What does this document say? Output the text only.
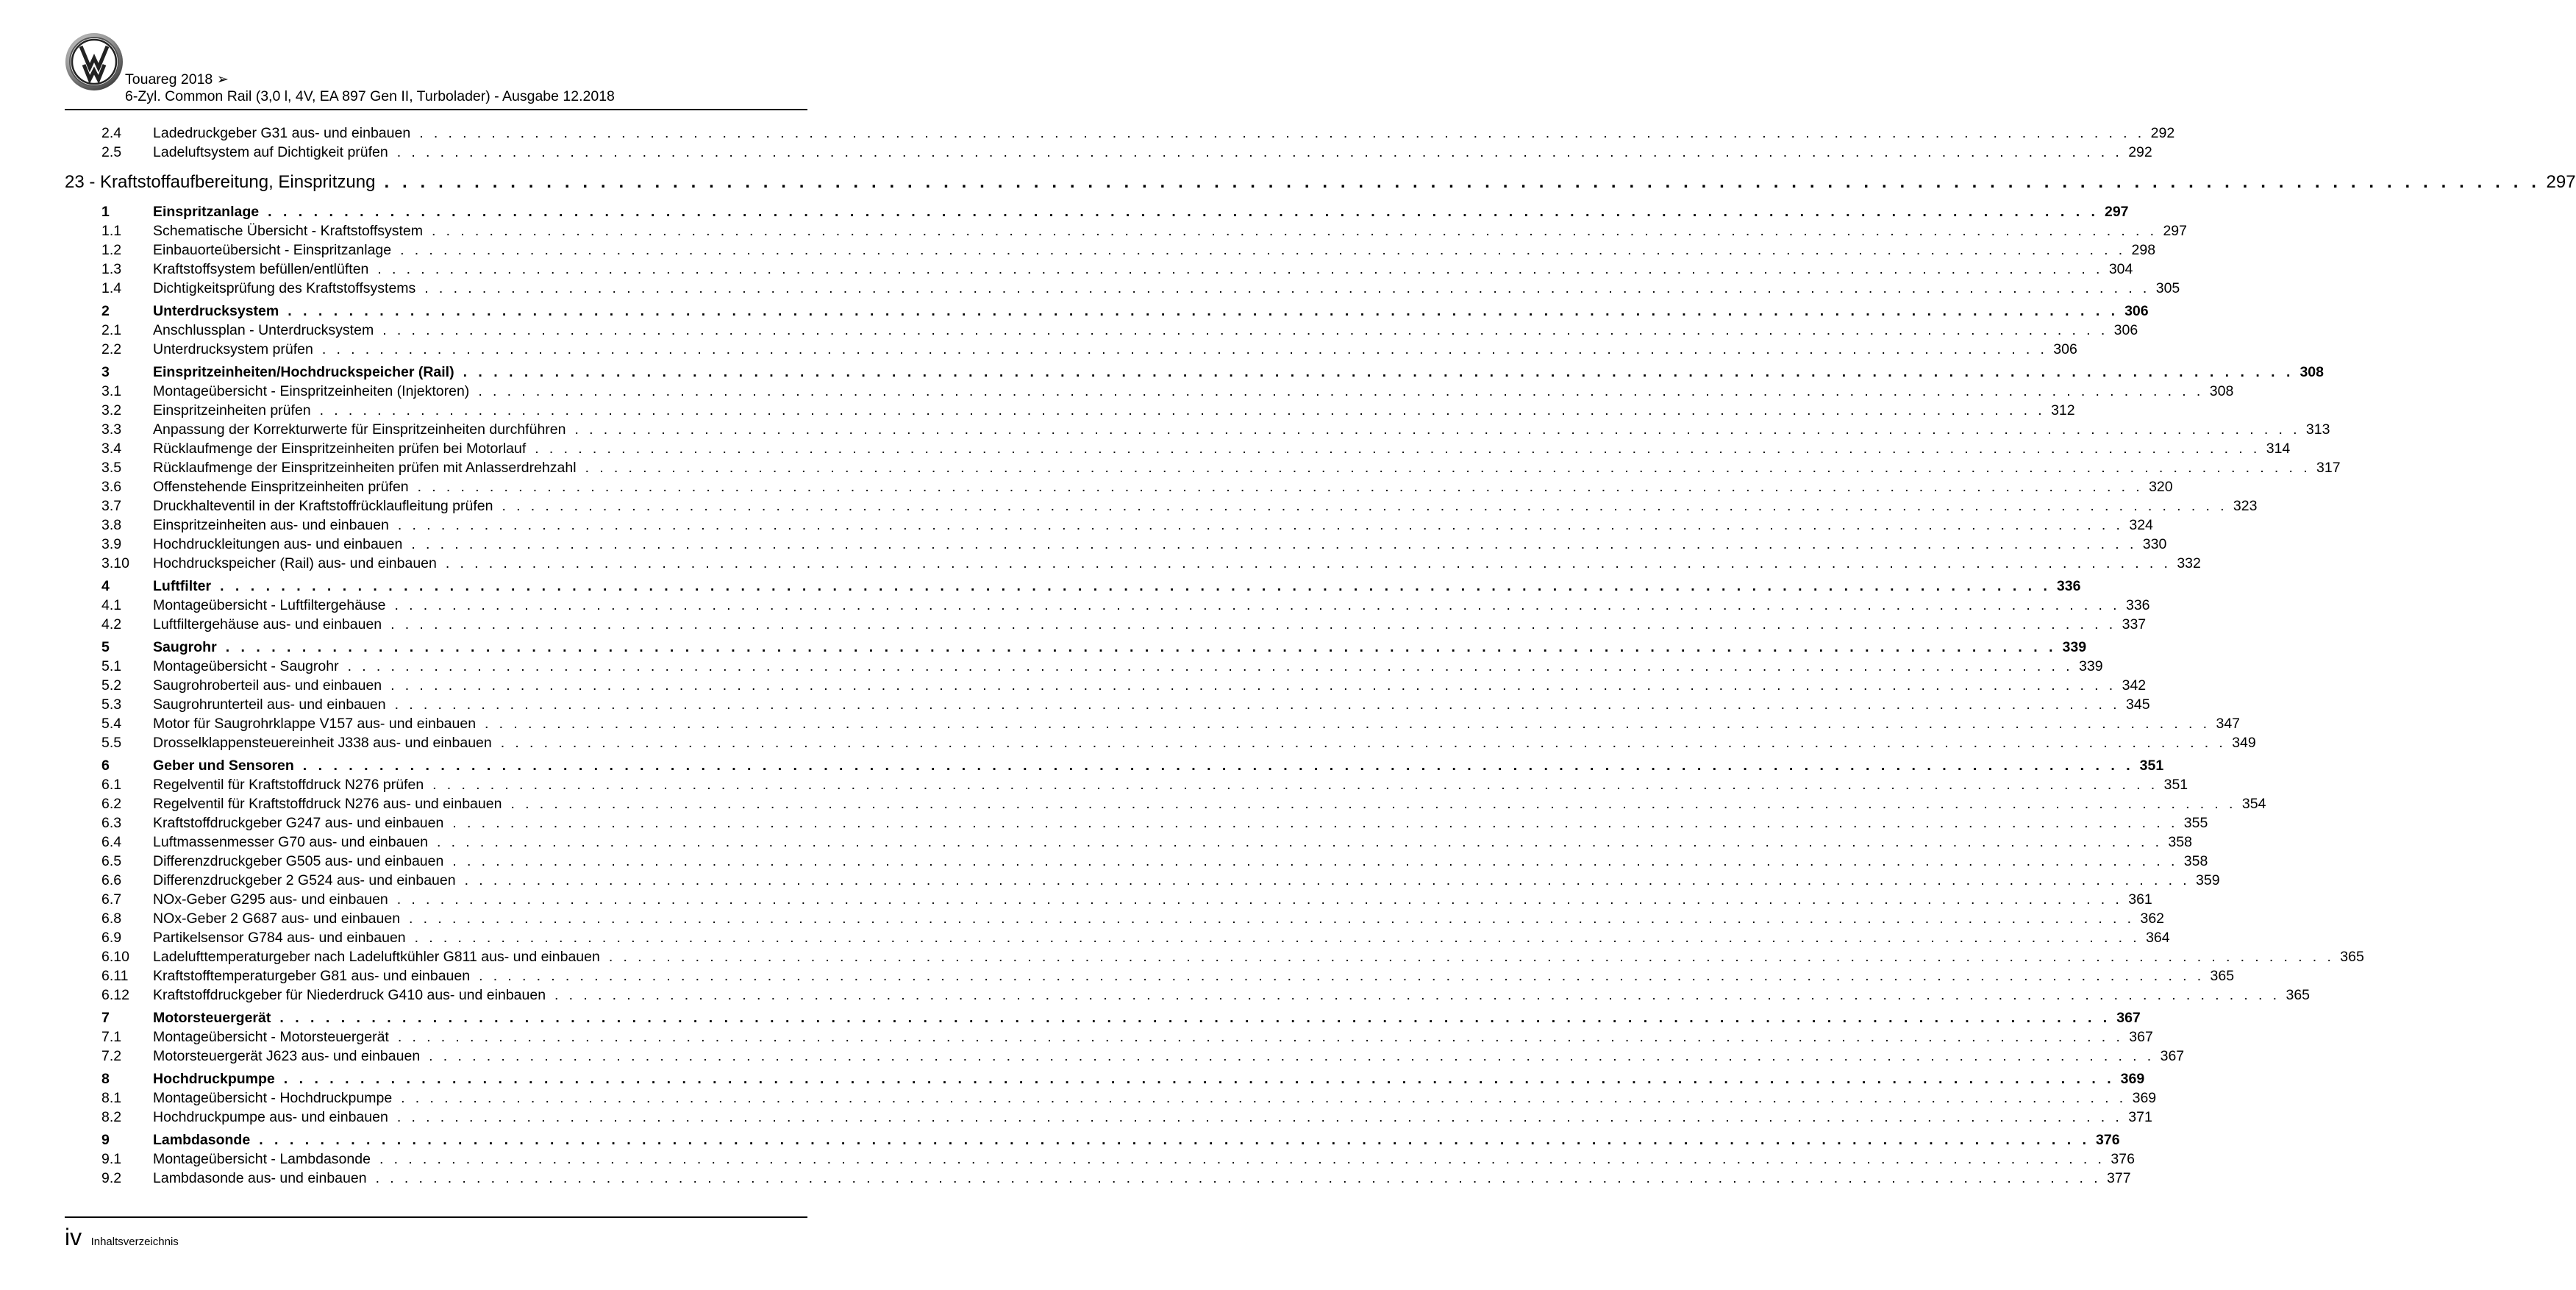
Touareg 2018 ➢
6-Zyl. Common Rail (3,0 l, 4V, EA 897 Gen II, Turbolader) - Ausgabe 12.2018
2.4 Ladedruckgeber G31 aus- und einbauen . . . . . . . . . . . . . . . . . . . . . . . . . . . . . . . . . . . . . . . . . . . . . . . . . . . . . . . . . . . . . . . . . . . . . . . . . . . . . . . . . . . . . . . . . . . . . . . . . . . . . . . . . . . . . . . . . . . . . . . . 292
2.5 Ladeluftsystem auf Dichtigkeit prüfen . . . . . . . . . . . . . . . . . . . . . . . . . . . . . . . . . . . . . . . . . . . . . . . . . . . . . . . . . . . . . . . . . . . . . . . . . . . . . . . . . . . . . . . . . . . . . . . . . . . . . . . . . . . . . . . . . . . . . . . . 292
23 - Kraftstoffaufbereitung, Einspritzung . . . . . . . . . . . . . . . . . . . . . . . . . . . . . . . . . . . . . . . . . . . . . . . . . . . . . . . . . . . . . . . . . . . . . . . . . . . . . . . . . . . . . . . . . . . . . . . . . . . . . . . . . . . . . . . . . . . . . . . . 297
1	Einspritzanlage . . . . . . . . . . . . . . . . . . . . . . . . . . . . . . . . . . . . . . . . . . . . . . . . . . . . . . . . . . . . . . . . . . . . . . . . . . . . . . . . . . . . . . . . . . . . . . . . . . . . . . . . . . . . . . . . . . . . . . . . 297
1.1 Schematische Übersicht - Kraftstoffsystem . . . . . . . . . . . . . . . . . . . . . . . . . . . . . . . . . . . . . . . . . . . . . . . . . . . . . . . . . . . . . . . . . . . . . . . . . . . . . . . . . . . . . . . . . . . . . . . . . . . . . . . . . . . . . . . . . . . . . . . . 297
1.2 Einbauorteübersicht - Einspritzanlage . . . . . . . . . . . . . . . . . . . . . . . . . . . . . . . . . . . . . . . . . . . . . . . . . . . . . . . . . . . . . . . . . . . . . . . . . . . . . . . . . . . . . . . . . . . . . . . . . . . . . . . . . . . . . . . . . . . . . . . . 298
1.3 Kraftstoffsystem befüllen/entlüften . . . . . . . . . . . . . . . . . . . . . . . . . . . . . . . . . . . . . . . . . . . . . . . . . . . . . . . . . . . . . . . . . . . . . . . . . . . . . . . . . . . . . . . . . . . . . . . . . . . . . . . . . . . . . . . . . . . . . . . . 304
1.4 Dichtigkeitsprüfung des Kraftstoffsystems . . . . . . . . . . . . . . . . . . . . . . . . . . . . . . . . . . . . . . . . . . . . . . . . . . . . . . . . . . . . . . . . . . . . . . . . . . . . . . . . . . . . . . . . . . . . . . . . . . . . . . . . . . . . . . . . . . . . . . . . 305
2	Unterdrucksystem . . . . . . . . . . . . . . . . . . . . . . . . . . . . . . . . . . . . . . . . . . . . . . . . . . . . . . . . . . . . . . . . . . . . . . . . . . . . . . . . . . . . . . . . . . . . . . . . . . . . . . . . . . . . . . . . . . . . . . . . 306
2.1 Anschlussplan - Unterdrucksystem . . . . . . . . . . . . . . . . . . . . . . . . . . . . . . . . . . . . . . . . . . . . . . . . . . . . . . . . . . . . . . . . . . . . . . . . . . . . . . . . . . . . . . . . . . . . . . . . . . . . . . . . . . . . . . . . . . . . . . . . 306
2.2 Unterdrucksystem prüfen . . . . . . . . . . . . . . . . . . . . . . . . . . . . . . . . . . . . . . . . . . . . . . . . . . . . . . . . . . . . . . . . . . . . . . . . . . . . . . . . . . . . . . . . . . . . . . . . . . . . . . . . . . . . . . . . . . . . . . . . 306
3	Einspritzeinheiten/Hochdruckspeicher (Rail) . . . . . . . . . . . . . . . . . . . . . . . . . . . . . . . . . . . . . . . . . . . . . . . . . . . . . . . . . . . . . . . . . . . . . . . . . . . . . . . . . . . . . . . . . . . . . . . . . . . . . . . . . . . . . . . . . . . . . . . . 308
3.1 Montageübersicht - Einspritzeinheiten (Injektoren) . . . . . . . . . . . . . . . . . . . . . . . . . . . . . . . . . . . . . . . . . . . . . . . . . . . . . . . . . . . . . . . . . . . . . . . . . . . . . . . . . . . . . . . . . . . . . . . . . . . . . . . . . . . . . . . . . . . . . . . . 308
3.2 Einspritzeinheiten prüfen . . . . . . . . . . . . . . . . . . . . . . . . . . . . . . . . . . . . . . . . . . . . . . . . . . . . . . . . . . . . . . . . . . . . . . . . . . . . . . . . . . . . . . . . . . . . . . . . . . . . . . . . . . . . . . . . . . . . . . . . 312
3.3 Anpassung der Korrekturwerte für Einspritzeinheiten durchführen . . . . . . . . . . . . . . . . . . . . . . . . . . . . . . . . . . . . . . . . . . . . . . . . . . . . . . . . . . . . . . . . . . . . . . . . . . . . . . . . . . . . . . . . . . . . . . . . . . . . . . . . . . . . . . . . . . . . . . . . 313
3.4 Rücklaufmenge der Einspritzeinheiten prüfen bei Motorlauf . . . . . . . . . . . . . . . . . . . . . . . . . . . . . . . . . . . . . . . . . . . . . . . . . . . . . . . . . . . . . . . . . . . . . . . . . . . . . . . . . . . . . . . . . . . . . . . . . . . . . . . . . . . . . . . . . . . . . . . . 314
3.5 Rücklaufmenge der Einspritzeinheiten prüfen mit Anlasserdrehzahl . . . . . . . . . . . . . . . . . . . . . . . . . . . . . . . . . . . . . . . . . . . . . . . . . . . . . . . . . . . . . . . . . . . . . . . . . . . . . . . . . . . . . . . . . . . . . . . . . . . . . . . . . . . . . . . . . . . . . . . . 317
3.6 Offenstehende Einspritzeinheiten prüfen . . . . . . . . . . . . . . . . . . . . . . . . . . . . . . . . . . . . . . . . . . . . . . . . . . . . . . . . . . . . . . . . . . . . . . . . . . . . . . . . . . . . . . . . . . . . . . . . . . . . . . . . . . . . . . . . . . . . . . . . 320
3.7 Druckhalteventil in der Kraftstoffrücklaufleitung prüfen . . . . . . . . . . . . . . . . . . . . . . . . . . . . . . . . . . . . . . . . . . . . . . . . . . . . . . . . . . . . . . . . . . . . . . . . . . . . . . . . . . . . . . . . . . . . . . . . . . . . . . . . . . . . . . . . . . . . . . . . 323
3.8 Einspritzeinheiten aus- und einbauen . . . . . . . . . . . . . . . . . . . . . . . . . . . . . . . . . . . . . . . . . . . . . . . . . . . . . . . . . . . . . . . . . . . . . . . . . . . . . . . . . . . . . . . . . . . . . . . . . . . . . . . . . . . . . . . . . . . . . . . . 324
3.9 Hochdruckleitungen aus- und einbauen . . . . . . . . . . . . . . . . . . . . . . . . . . . . . . . . . . . . . . . . . . . . . . . . . . . . . . . . . . . . . . . . . . . . . . . . . . . . . . . . . . . . . . . . . . . . . . . . . . . . . . . . . . . . . . . . . . . . . . . . 330
3.10 Hochdruckspeicher (Rail) aus- und einbauen . . . . . . . . . . . . . . . . . . . . . . . . . . . . . . . . . . . . . . . . . . . . . . . . . . . . . . . . . . . . . . . . . . . . . . . . . . . . . . . . . . . . . . . . . . . . . . . . . . . . . . . . . . . . . . . . . . . . . . . . 332
4	Luftfilter . . . . . . . . . . . . . . . . . . . . . . . . . . . . . . . . . . . . . . . . . . . . . . . . . . . . . . . . . . . . . . . . . . . . . . . . . . . . . . . . . . . . . . . . . . . . . . . . . . . . . . . . . . . . . . . . . . . . . . . . 336
4.1 Montageübersicht - Luftfiltergehäuse . . . . . . . . . . . . . . . . . . . . . . . . . . . . . . . . . . . . . . . . . . . . . . . . . . . . . . . . . . . . . . . . . . . . . . . . . . . . . . . . . . . . . . . . . . . . . . . . . . . . . . . . . . . . . . . . . . . . . . . . 336
4.2 Luftfiltergehäuse aus- und einbauen . . . . . . . . . . . . . . . . . . . . . . . . . . . . . . . . . . . . . . . . . . . . . . . . . . . . . . . . . . . . . . . . . . . . . . . . . . . . . . . . . . . . . . . . . . . . . . . . . . . . . . . . . . . . . . . . . . . . . . . . 337
5	Saugrohr . . . . . . . . . . . . . . . . . . . . . . . . . . . . . . . . . . . . . . . . . . . . . . . . . . . . . . . . . . . . . . . . . . . . . . . . . . . . . . . . . . . . . . . . . . . . . . . . . . . . . . . . . . . . . . . . . . . . . . . . 339
5.1 Montageübersicht - Saugrohr . . . . . . . . . . . . . . . . . . . . . . . . . . . . . . . . . . . . . . . . . . . . . . . . . . . . . . . . . . . . . . . . . . . . . . . . . . . . . . . . . . . . . . . . . . . . . . . . . . . . . . . . . . . . . . . . . . . . . . . . 339
5.2 Saugrohroberteil aus- und einbauen . . . . . . . . . . . . . . . . . . . . . . . . . . . . . . . . . . . . . . . . . . . . . . . . . . . . . . . . . . . . . . . . . . . . . . . . . . . . . . . . . . . . . . . . . . . . . . . . . . . . . . . . . . . . . . . . . . . . . . . . 342
5.3 Saugrohrunterteil aus- und einbauen . . . . . . . . . . . . . . . . . . . . . . . . . . . . . . . . . . . . . . . . . . . . . . . . . . . . . . . . . . . . . . . . . . . . . . . . . . . . . . . . . . . . . . . . . . . . . . . . . . . . . . . . . . . . . . . . . . . . . . . . 345
5.4 Motor für Saugrohrklappe V157 aus- und einbauen . . . . . . . . . . . . . . . . . . . . . . . . . . . . . . . . . . . . . . . . . . . . . . . . . . . . . . . . . . . . . . . . . . . . . . . . . . . . . . . . . . . . . . . . . . . . . . . . . . . . . . . . . . . . . . . . . . . . . . . . 347
5.5 Drosselklappensteuereinheit J338 aus- und einbauen . . . . . . . . . . . . . . . . . . . . . . . . . . . . . . . . . . . . . . . . . . . . . . . . . . . . . . . . . . . . . . . . . . . . . . . . . . . . . . . . . . . . . . . . . . . . . . . . . . . . . . . . . . . . . . . . . . . . . . . . 349
6	Geber und Sensoren . . . . . . . . . . . . . . . . . . . . . . . . . . . . . . . . . . . . . . . . . . . . . . . . . . . . . . . . . . . . . . . . . . . . . . . . . . . . . . . . . . . . . . . . . . . . . . . . . . . . . . . . . . . . . . . . . . . . . . . . 351
6.1 Regelventil für Kraftstoffdruck N276 prüfen . . . . . . . . . . . . . . . . . . . . . . . . . . . . . . . . . . . . . . . . . . . . . . . . . . . . . . . . . . . . . . . . . . . . . . . . . . . . . . . . . . . . . . . . . . . . . . . . . . . . . . . . . . . . . . . . . . . . . . . . 351
6.2 Regelventil für Kraftstoffdruck N276 aus- und einbauen . . . . . . . . . . . . . . . . . . . . . . . . . . . . . . . . . . . . . . . . . . . . . . . . . . . . . . . . . . . . . . . . . . . . . . . . . . . . . . . . . . . . . . . . . . . . . . . . . . . . . . . . . . . . . . . . . . . . . . . . 354
6.3 Kraftstoffdruckgeber G247 aus- und einbauen . . . . . . . . . . . . . . . . . . . . . . . . . . . . . . . . . . . . . . . . . . . . . . . . . . . . . . . . . . . . . . . . . . . . . . . . . . . . . . . . . . . . . . . . . . . . . . . . . . . . . . . . . . . . . . . . . . . . . . . . 355
6.4 Luftmassenmesser G70 aus- und einbauen . . . . . . . . . . . . . . . . . . . . . . . . . . . . . . . . . . . . . . . . . . . . . . . . . . . . . . . . . . . . . . . . . . . . . . . . . . . . . . . . . . . . . . . . . . . . . . . . . . . . . . . . . . . . . . . . . . . . . . . . 358
6.5 Differenzdruckgeber G505 aus- und einbauen . . . . . . . . . . . . . . . . . . . . . . . . . . . . . . . . . . . . . . . . . . . . . . . . . . . . . . . . . . . . . . . . . . . . . . . . . . . . . . . . . . . . . . . . . . . . . . . . . . . . . . . . . . . . . . . . . . . . . . . . 358
6.6 Differenzdruckgeber 2 G524 aus- und einbauen . . . . . . . . . . . . . . . . . . . . . . . . . . . . . . . . . . . . . . . . . . . . . . . . . . . . . . . . . . . . . . . . . . . . . . . . . . . . . . . . . . . . . . . . . . . . . . . . . . . . . . . . . . . . . . . . . . . . . . . . 359
6.7 NOx-Geber G295 aus- und einbauen . . . . . . . . . . . . . . . . . . . . . . . . . . . . . . . . . . . . . . . . . . . . . . . . . . . . . . . . . . . . . . . . . . . . . . . . . . . . . . . . . . . . . . . . . . . . . . . . . . . . . . . . . . . . . . . . . . . . . . . . 361
6.8 NOx-Geber 2 G687 aus- und einbauen . . . . . . . . . . . . . . . . . . . . . . . . . . . . . . . . . . . . . . . . . . . . . . . . . . . . . . . . . . . . . . . . . . . . . . . . . . . . . . . . . . . . . . . . . . . . . . . . . . . . . . . . . . . . . . . . . . . . . . . . 362
6.9 Partikelsensor G784 aus- und einbauen . . . . . . . . . . . . . . . . . . . . . . . . . . . . . . . . . . . . . . . . . . . . . . . . . . . . . . . . . . . . . . . . . . . . . . . . . . . . . . . . . . . . . . . . . . . . . . . . . . . . . . . . . . . . . . . . . . . . . . . . 364
6.10 Ladelufttemperaturgeber nach Ladeluftkühler G811 aus- und einbauen . . . . . . . . . . . . . . . . . . . . . . . . . . . . . . . . . . . . . . . . . . . . . . . . . . . . . . . . . . . . . . . . . . . . . . . . . . . . . . . . . . . . . . . . . . . . . . . . . . . . . . . . . . . . . . . . . . . . . . . . 365
6.11 Kraftstofftemperaturgeber G81 aus- und einbauen . . . . . . . . . . . . . . . . . . . . . . . . . . . . . . . . . . . . . . . . . . . . . . . . . . . . . . . . . . . . . . . . . . . . . . . . . . . . . . . . . . . . . . . . . . . . . . . . . . . . . . . . . . . . . . . . . . . . . . . . 365
6.12 Kraftstoffdruckgeber für Niederdruck G410 aus- und einbauen . . . . . . . . . . . . . . . . . . . . . . . . . . . . . . . . . . . . . . . . . . . . . . . . . . . . . . . . . . . . . . . . . . . . . . . . . . . . . . . . . . . . . . . . . . . . . . . . . . . . . . . . . . . . . . . . . . . . . . . . 365
7	Motorsteuergerät . . . . . . . . . . . . . . . . . . . . . . . . . . . . . . . . . . . . . . . . . . . . . . . . . . . . . . . . . . . . . . . . . . . . . . . . . . . . . . . . . . . . . . . . . . . . . . . . . . . . . . . . . . . . . . . . . . . . . . . . 367
7.1 Montageübersicht - Motorsteuergerät . . . . . . . . . . . . . . . . . . . . . . . . . . . . . . . . . . . . . . . . . . . . . . . . . . . . . . . . . . . . . . . . . . . . . . . . . . . . . . . . . . . . . . . . . . . . . . . . . . . . . . . . . . . . . . . . . . . . . . . . 367
7.2 Motorsteuergerät J623 aus- und einbauen . . . . . . . . . . . . . . . . . . . . . . . . . . . . . . . . . . . . . . . . . . . . . . . . . . . . . . . . . . . . . . . . . . . . . . . . . . . . . . . . . . . . . . . . . . . . . . . . . . . . . . . . . . . . . . . . . . . . . . . . 367
8	Hochdruckpumpe . . . . . . . . . . . . . . . . . . . . . . . . . . . . . . . . . . . . . . . . . . . . . . . . . . . . . . . . . . . . . . . . . . . . . . . . . . . . . . . . . . . . . . . . . . . . . . . . . . . . . . . . . . . . . . . . . . . . . . . . 369
8.1 Montageübersicht - Hochdruckpumpe . . . . . . . . . . . . . . . . . . . . . . . . . . . . . . . . . . . . . . . . . . . . . . . . . . . . . . . . . . . . . . . . . . . . . . . . . . . . . . . . . . . . . . . . . . . . . . . . . . . . . . . . . . . . . . . . . . . . . . . . 369
8.2 Hochdruckpumpe aus- und einbauen . . . . . . . . . . . . . . . . . . . . . . . . . . . . . . . . . . . . . . . . . . . . . . . . . . . . . . . . . . . . . . . . . . . . . . . . . . . . . . . . . . . . . . . . . . . . . . . . . . . . . . . . . . . . . . . . . . . . . . . . 371
9	Lambdasonde . . . . . . . . . . . . . . . . . . . . . . . . . . . . . . . . . . . . . . . . . . . . . . . . . . . . . . . . . . . . . . . . . . . . . . . . . . . . . . . . . . . . . . . . . . . . . . . . . . . . . . . . . . . . . . . . . . . . . . . . 376
9.1 Montageübersicht - Lambdasonde . . . . . . . . . . . . . . . . . . . . . . . . . . . . . . . . . . . . . . . . . . . . . . . . . . . . . . . . . . . . . . . . . . . . . . . . . . . . . . . . . . . . . . . . . . . . . . . . . . . . . . . . . . . . . . . . . . . . . . . . 376
9.2 Lambdasonde aus- und einbauen . . . . . . . . . . . . . . . . . . . . . . . . . . . . . . . . . . . . . . . . . . . . . . . . . . . . . . . . . . . . . . . . . . . . . . . . . . . . . . . . . . . . . . . . . . . . . . . . . . . . . . . . . . . . . . . . . . . . . . . . 377
iv Inhaltsverzeichnis
